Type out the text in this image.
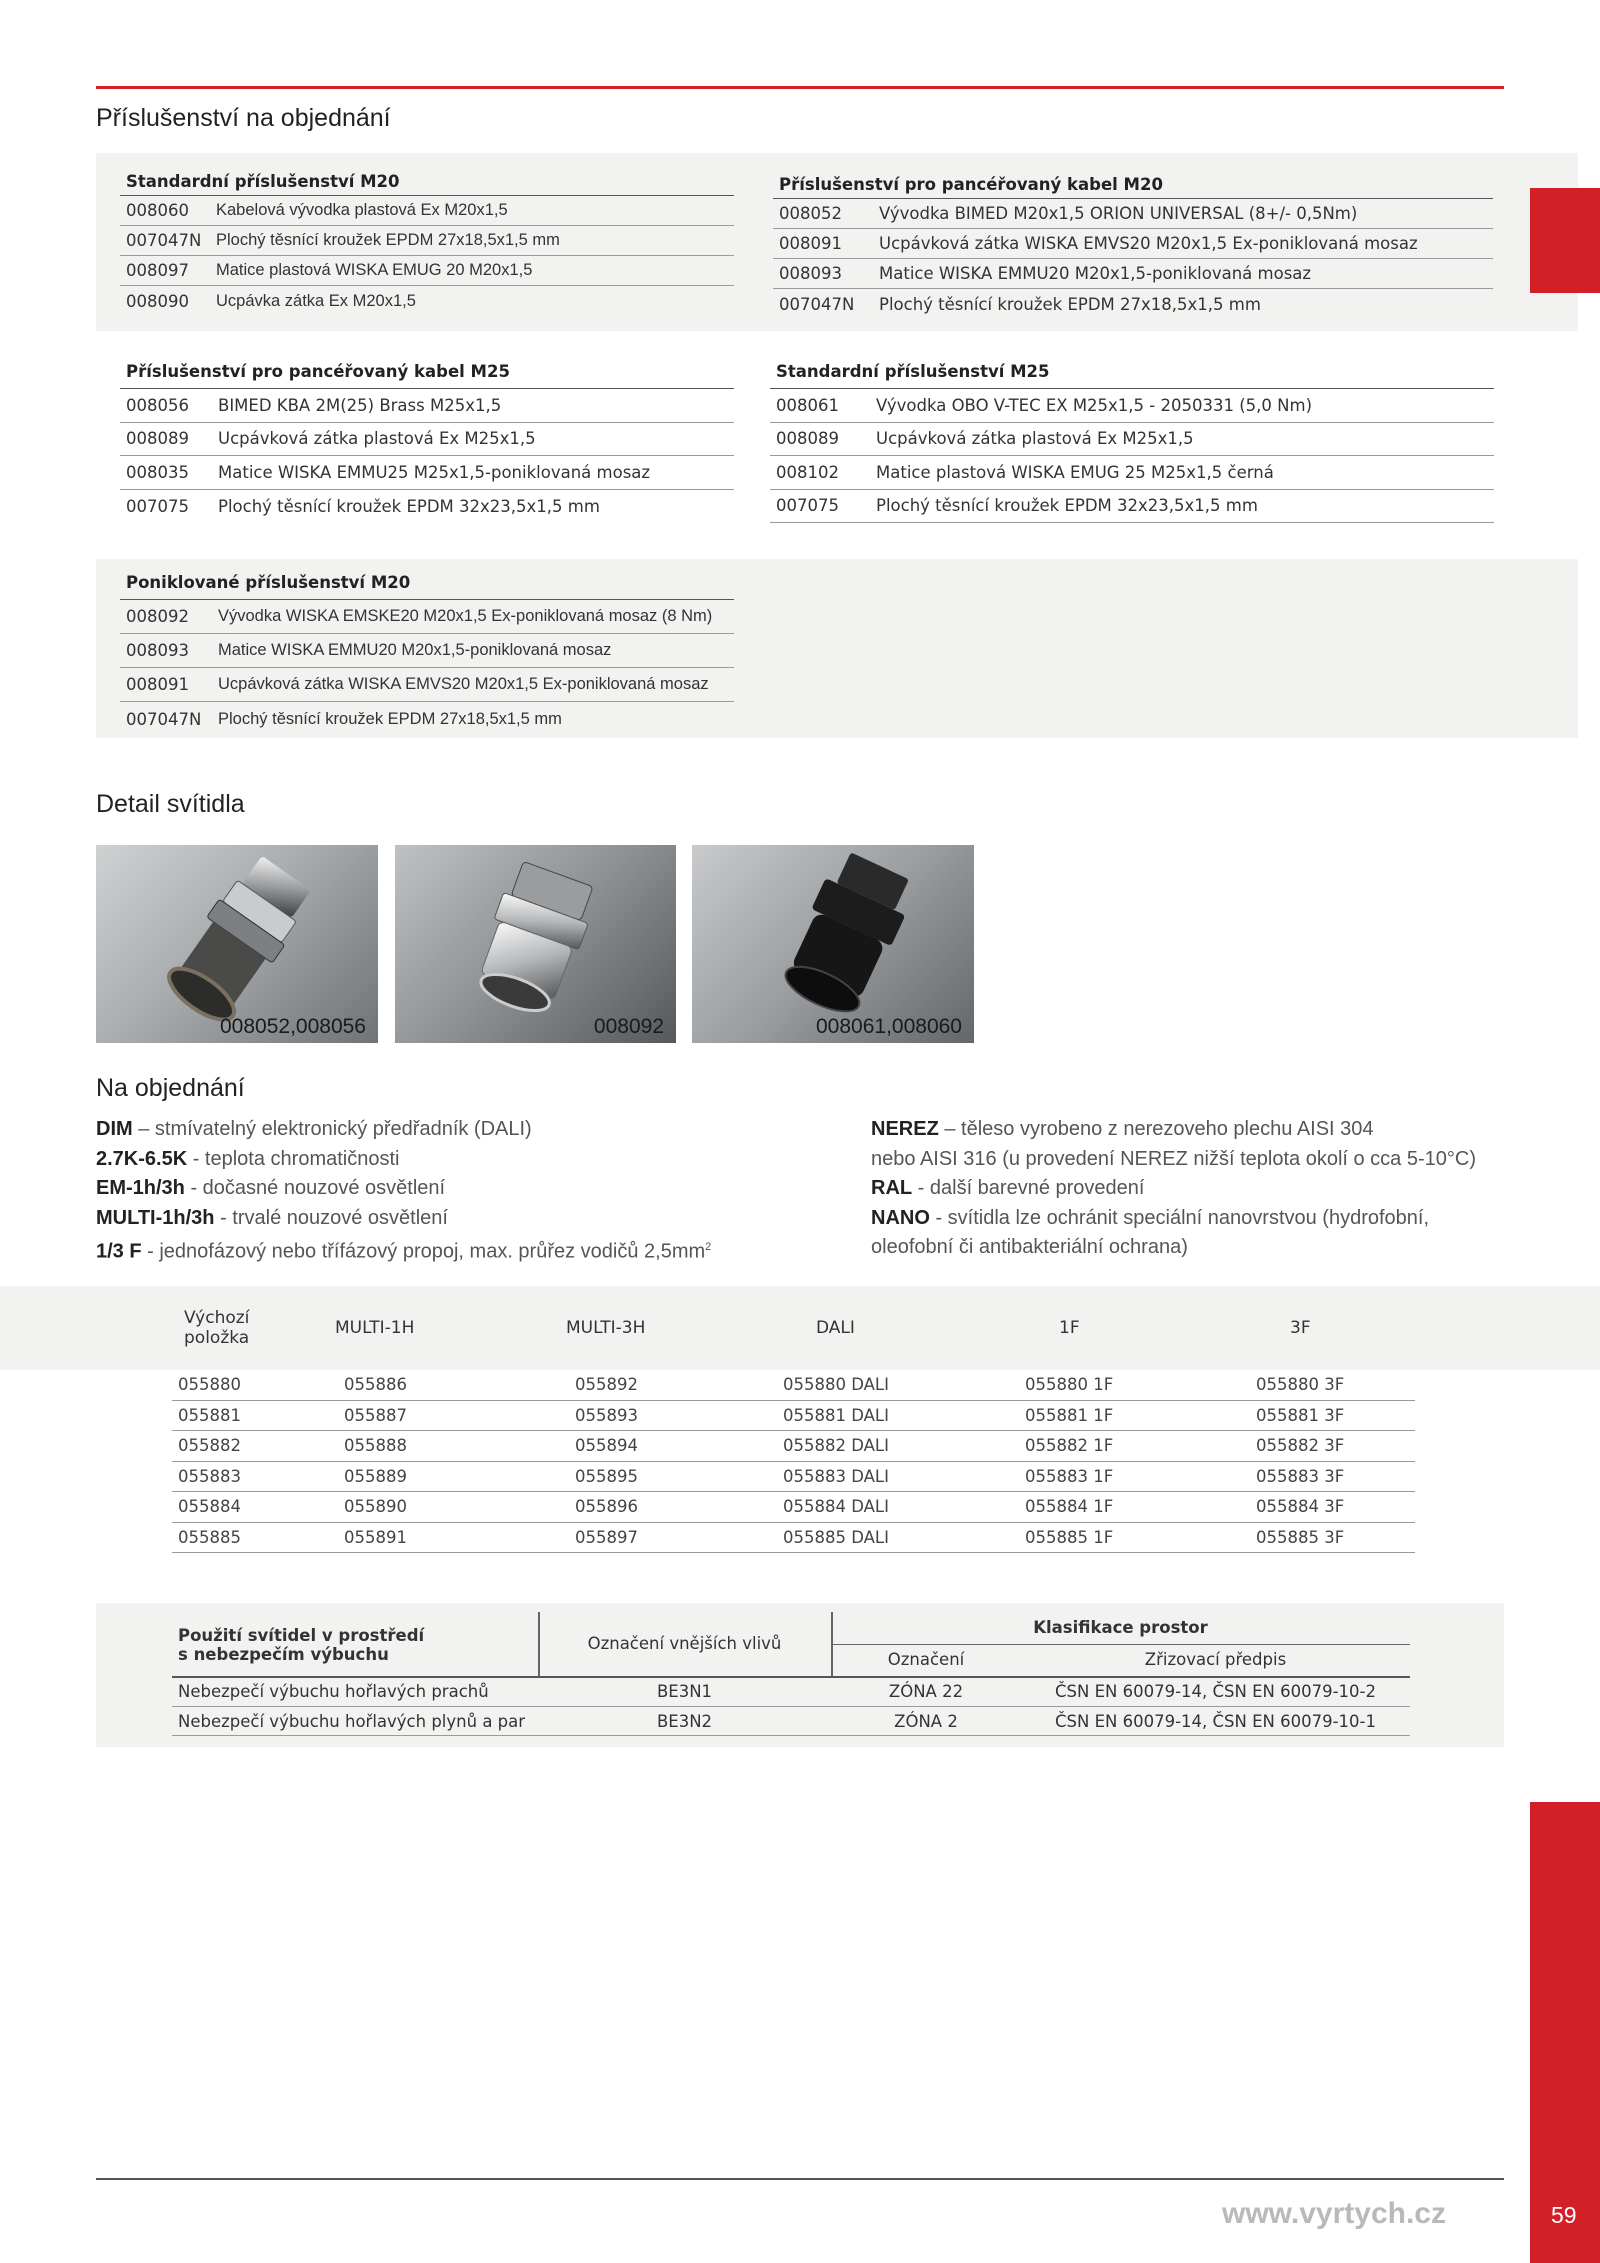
Příslušenství na objednání
Standardní příslušenství M20
008060	Kabelová vývodka plastová Ex M20x1,5
007047N Plochý těsnící kroužek EPDM 27x18,5x1,5 mm
008097	Matice plastová WISKA EMUG 20 M20x1,5
008090	Ucpávka zátka Ex M20x1,5
Příslušenství pro pancéřovaný kabel M20
008052	Vývodka BIMED M20x1,5 ORION UNIVERSAL (8+/- 0,5Nm)
008091	Ucpávková zátka WISKA EMVS20 M20x1,5 Ex-poniklovaná mosaz
008093	Matice WISKA EMMU20 M20x1,5-poniklovaná mosaz
007047N	Plochý těsnící kroužek EPDM 27x18,5x1,5 mm
Příslušenství pro pancéřovaný kabel M25
008056	BIMED KBA 2M(25) Brass M25x1,5
008089	Ucpávková zátka plastová Ex M25x1,5
008035	Matice WISKA EMMU25 M25x1,5-poniklovaná mosaz
007075	Plochý těsnící kroužek EPDM 32x23,5x1,5 mm
Standardní příslušenství M25
008061	Vývodka OBO V-TEC EX M25x1,5 - 2050331 (5,0 Nm)
008089	Ucpávková zátka plastová Ex M25x1,5
008102	Matice plastová WISKA EMUG 25 M25x1,5 černá
007075	Plochý těsnící kroužek EPDM 32x23,5x1,5 mm
Poniklované příslušenství M20
008092	Vývodka WISKA EMSKE20 M20x1,5 Ex-poniklovaná mosaz (8 Nm)
008093	Matice WISKA EMMU20 M20x1,5-poniklovaná mosaz
008091	Ucpávková zátka WISKA EMVS20 M20x1,5 Ex-poniklovaná mosaz
007047N	Plochý těsnící kroužek EPDM 27x18,5x1,5 mm
Detail svítidla
008052,008056	008092	008061,008060
Na objednání
DIM – stmívatelný elektronický předřadník (DALI)
2.7K-6.5K - teplota chromatičnosti
EM-1h/3h - dočasné nouzové osvětlení
MULTI-1h/3h - trvalé nouzové osvětlení
1/3 F - jednofázový nebo třífázový propoj, max. průřez vodičů $2,5mm^2$
NEREZ – těleso vyrobeno z nerezoveho plechu AISI 304
nebo AISI 316 (u provedení NEREZ nižší teplota okolí o cca 5-10°C)
RAL - další barevné provedení
NANO - svítidla lze ochránit speciální nanovrstvou (hydrofobní,
oleofobní či antibakteriální ochrana)
Výchozí položka	MULTI-1H	MULTI-3H	DALI	1F	3F
055880	055886	055892	055880 DALI	055880 1F	055880 3F
055881	055887	055893	055881 DALI	055881 1F	055881 3F
055882	055888	055894	055882 DALI	055882 1F	055882 3F
055883	055889	055895	055883 DALI	055883 1F	055883 3F
055884	055890	055896	055884 DALI	055884 1F	055884 3F
055885	055891	055897	055885 DALI	055885 1F	055885 3F
Použití svítidel v prostředí
s nebezpečím výbuchu
Označení vnějších vlivů
Klasifikace prostor
Označení	Zřizovací předpis
Nebezpečí výbuchu hořlavých prachů	BE3N1	ZÓNA 22	ČSN EN 60079-14, ČSN EN 60079-10-2
Nebezpečí výbuchu hořlavých plynů a par	BE3N2	ZÓNA 2	ČSN EN 60079-14, ČSN EN 60079-10-1
www.vyrtych.cz	59
